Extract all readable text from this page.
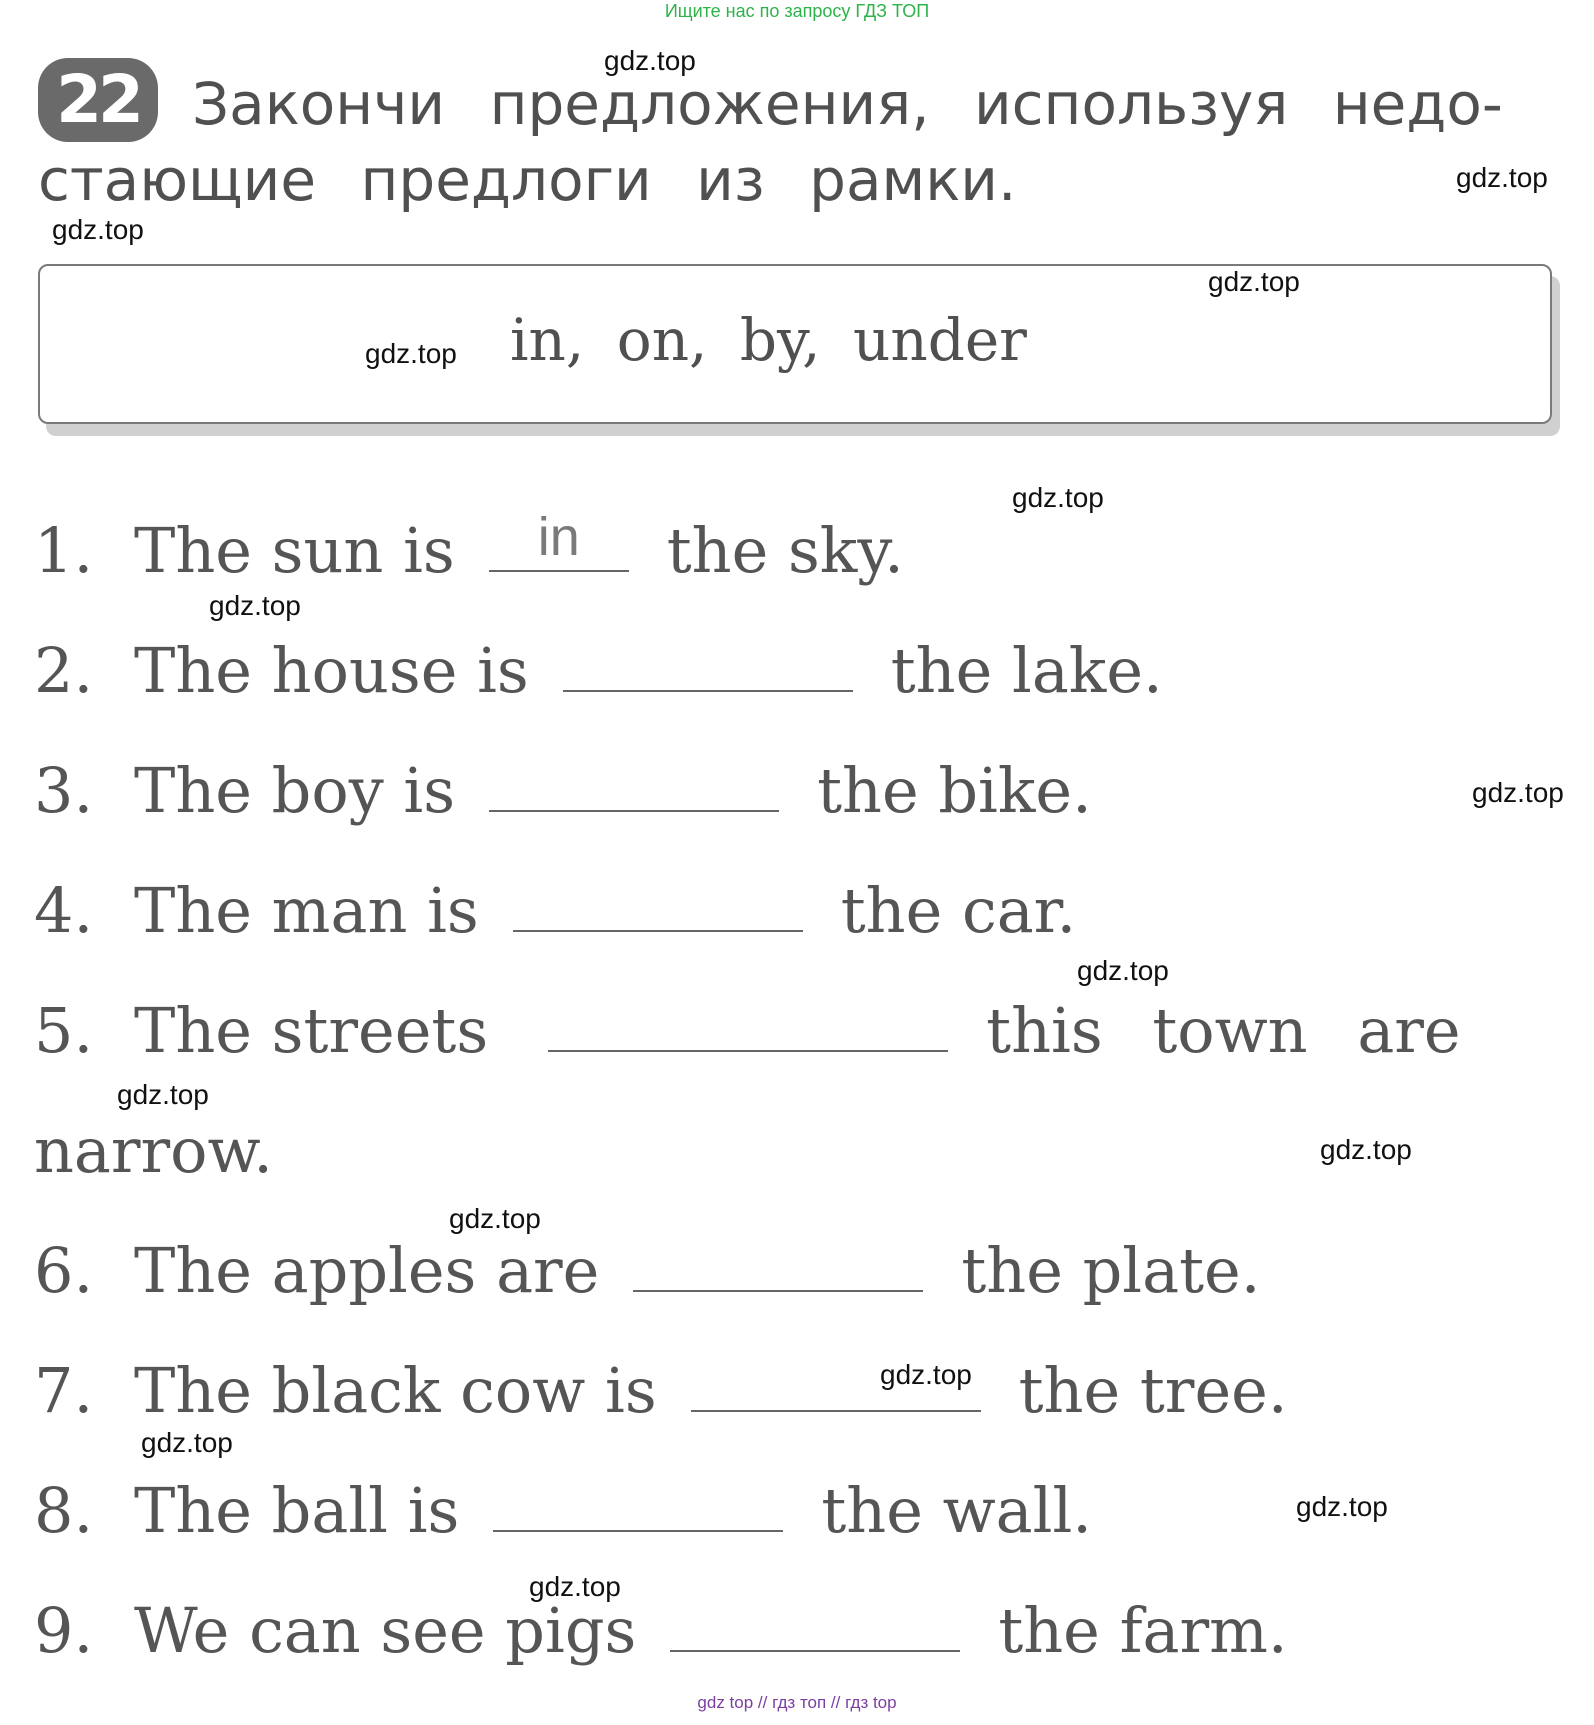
Ищите нас по запросу ГДЗ ТОП
22 Закончи предложения, используя недо-
стающие предлоги из рамки.
in, on, by, under
1. The sun is	in	the sky.
2. The house is	the lake.
3. The boy is	the bike.
4. The man is	the car.
5. The streets	this town are
narrow.
6. The apples are	the plate.
7. The black cow is	the tree.
8. The ball is	the wall.
9. We can see pigs	the farm.
gdz.top
gdz.top
gdz.top
gdz.top
gdz.top
gdz.top
gdz.top
gdz.top
gdz.top
gdz.top
gdz.top
gdz.top
gdz.top
gdz.top
gdz.top
gdz.top
gdz top // гдз топ // гдз top
